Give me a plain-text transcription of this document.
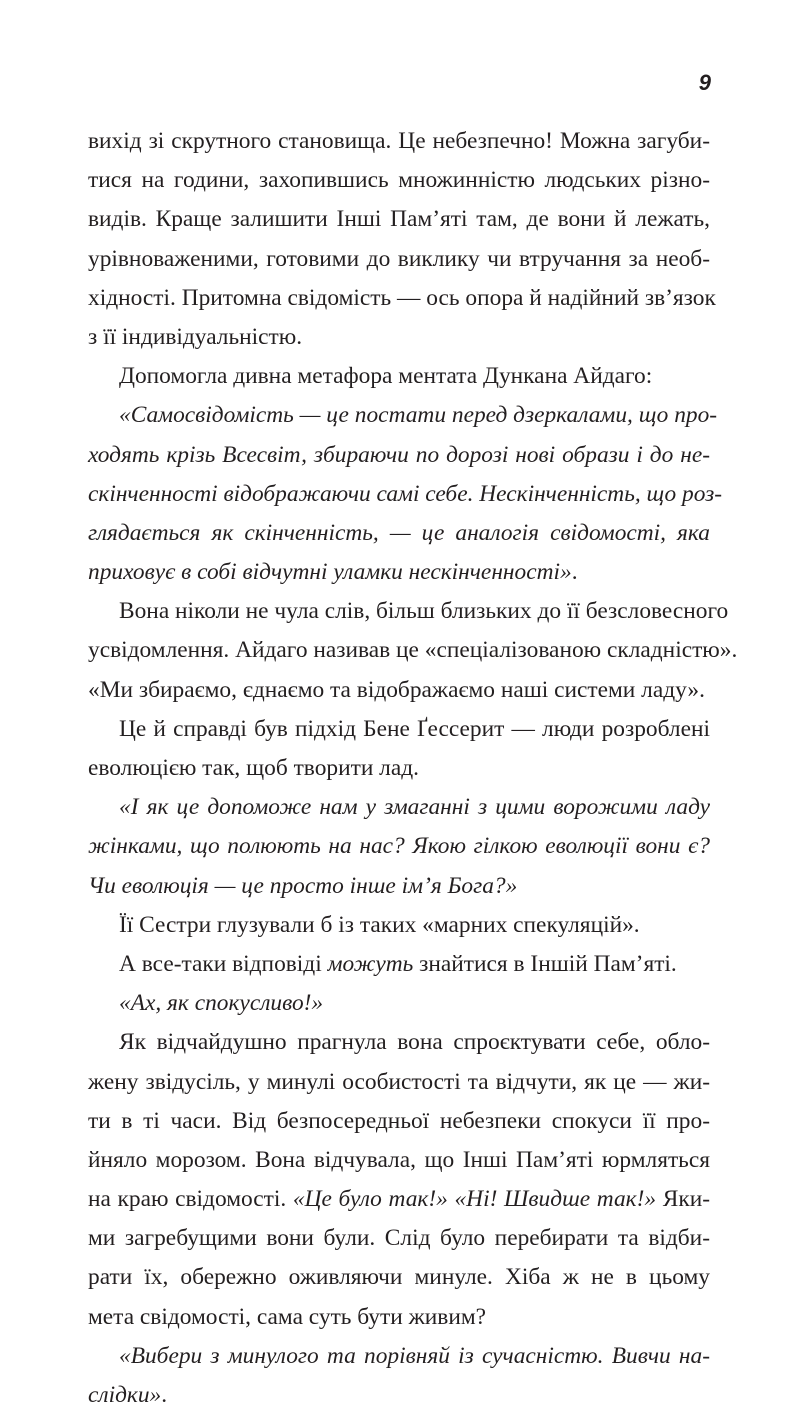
9
вихід зі скрутного становища. Це небезпечно! Можна загуби-
тися на години, захопившись множинністю людських різно-
видів. Краще залишити Інші Пам’яті там, де вони й лежать,
урівноваженими, готовими до виклику чи втручання за необ-
хідності. Притомна свідомість — ось опора й надійний зв’язок
з її індивідуальністю.
Допомогла дивна метафора ментата Дункана Айдаго:
«Самосвідомість — це постати перед дзеркалами, що про-
ходять крізь Всесвіт, збираючи по дорозі нові образи і до не-
скінченності відображаючи самі себе. Нескінченність, що роз-
глядається як скінченність, — це аналогія свідомості, яка
приховує в собі відчутні уламки нескінченності».
Вона ніколи не чула слів, більш близьких до її безсловесного
усвідомлення. Айдаго називав це «спеціалізованою складністю».
«Ми збираємо, єднаємо та відображаємо наші системи ладу».
Це й справді був підхід Бене Ґессерит — люди розроблені
еволюцією так, щоб творити лад.
«І як це допоможе нам у змаганні з цими ворожими ладу
жінками, що полюють на нас? Якою гілкою еволюції вони є?
Чи еволюція — це просто інше ім’я Бога?»
Її Сестри глузували б із таких «марних спекуляцій».
А все-таки відповіді можуть знайтися в Іншій Пам’яті.
«Ах, як спокусливо!»
Як відчайдушно прагнула вона спроєктувати себе, обло-
жену звідусіль, у минулі особистості та відчути, як це — жи-
ти в ті часи. Від безпосередньої небезпеки спокуси її про-
йняло морозом. Вона відчувала, що Інші Пам’яті юрмляться
на краю свідомості. «Це було так!» «Ні! Швидше так!» Яки-
ми загребущими вони були. Слід було перебирати та відби-
рати їх, обережно оживляючи минуле. Хіба ж не в цьому
мета свідомості, сама суть бути живим?
«Вибери з минулого та порівняй із сучасністю. Вивчи на-
слідки».
